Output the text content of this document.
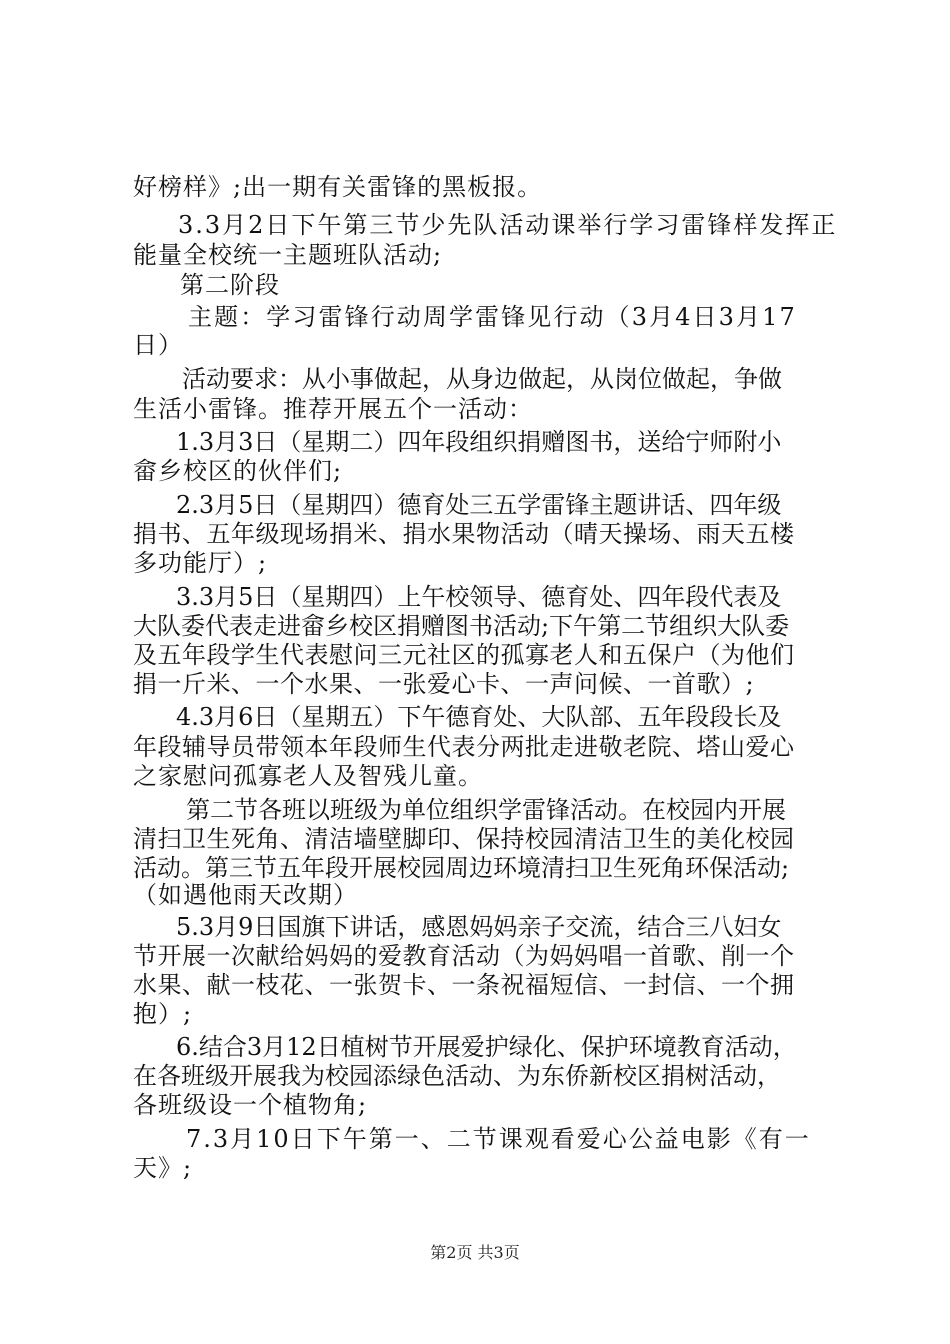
好榜样》;出一期有关雷锋的黑板报。
3.3月2日下午第三节少先队活动课举行学习雷锋样发挥正
能量全校统一主题班队活动;
第二阶段
主题：学习雷锋行动周学雷锋见行动（3月4日3月17
日）
活动要求：从小事做起，从身边做起，从岗位做起，争做
生活小雷锋。推荐开展五个一活动：
1.3月3日（星期二）四年段组织捐赠图书，送给宁师附小
畲乡校区的伙伴们;
2.3月5日（星期四）德育处三五学雷锋主题讲话、四年级
捐书、五年级现场捐米、捐水果物活动（晴天操场、雨天五楼
多功能厅）;
3.3月5日（星期四）上午校领导、德育处、四年段代表及
大队委代表走进畲乡校区捐赠图书活动;下午第二节组织大队委
及五年段学生代表慰问三元社区的孤寡老人和五保户（为他们
捐一斤米、一个水果、一张爱心卡、一声问候、一首歌）;
4.3月6日（星期五）下午德育处、大队部、五年段段长及
年段辅导员带领本年段师生代表分两批走进敬老院、塔山爱心
之家慰问孤寡老人及智残儿童。
第二节各班以班级为单位组织学雷锋活动。在校园内开展
清扫卫生死角、清洁墙壁脚印、保持校园清洁卫生的美化校园
活动。第三节五年段开展校园周边环境清扫卫生死角环保活动;
（如遇他雨天改期）
5.3月9日国旗下讲话，感恩妈妈亲子交流，结合三八妇女
节开展一次献给妈妈的爱教育活动（为妈妈唱一首歌、削一个
水果、献一枝花、一张贺卡、一条祝福短信、一封信、一个拥
抱）;
6.结合3月12日植树节开展爱护绿化、保护环境教育活动，
在各班级开展我为校园添绿色活动、为东侨新校区捐树活动，
各班级设一个植物角;
7.3月10日下午第一、二节课观看爱心公益电影《有一
天》;
第2页 共3页
